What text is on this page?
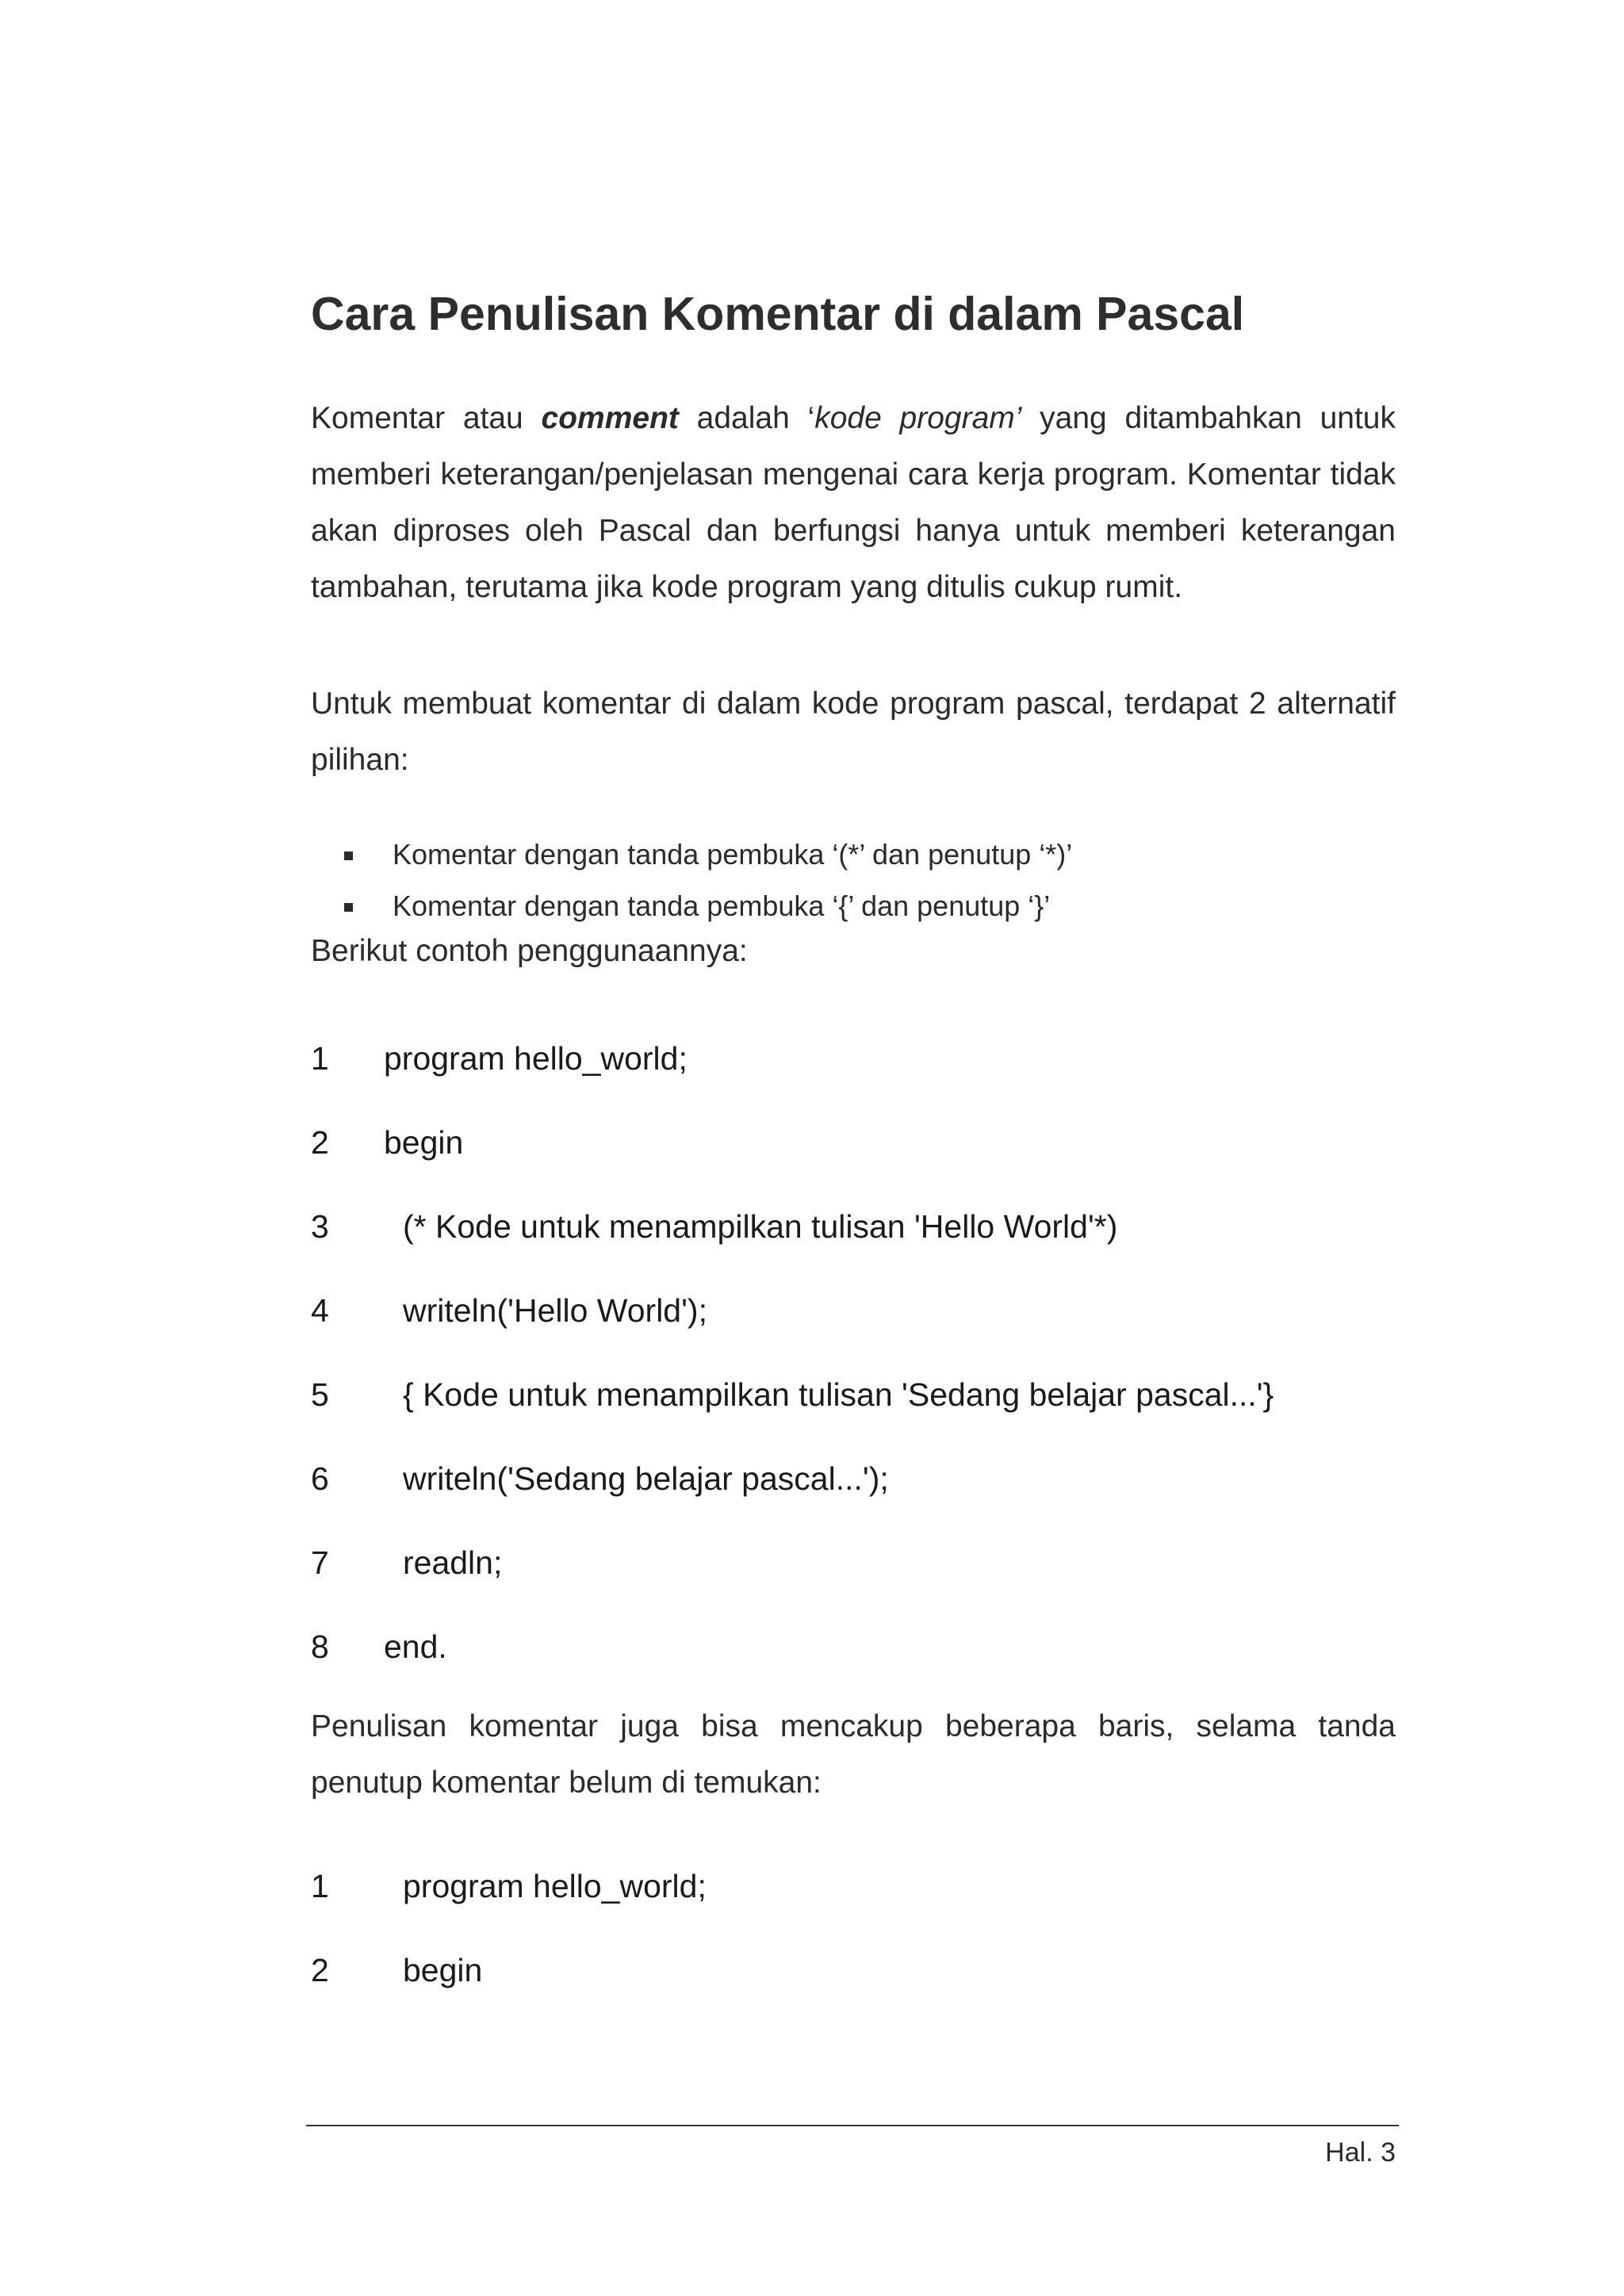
Cara Penulisan Komentar di dalam Pascal

Komentar atau comment adalah ‘kode program’ yang ditambahkan untuk memberi keterangan/penjelasan mengenai cara kerja program. Komentar tidak akan diproses oleh Pascal dan berfungsi hanya untuk memberi keterangan tambahan, terutama jika kode program yang ditulis cukup rumit.

Untuk membuat komentar di dalam kode program pascal, terdapat 2 alternatif pilihan:

Komentar dengan tanda pembuka ‘(*’ dan penutup ‘*)’
Komentar dengan tanda pembuka ‘{’ dan penutup ‘}’

Berikut contoh penggunaannya:

1 program hello_world;
2 begin
3 (* Kode untuk menampilkan tulisan 'Hello World'*)
4 writeln('Hello World');
5 { Kode untuk menampilkan tulisan 'Sedang belajar pascal...'}
6 writeln('Sedang belajar pascal...');
7 readln;
8 end.

Penulisan komentar juga bisa mencakup beberapa baris, selama tanda penutup komentar belum di temukan:

1 program hello_world;
2 begin
Hal. 3
